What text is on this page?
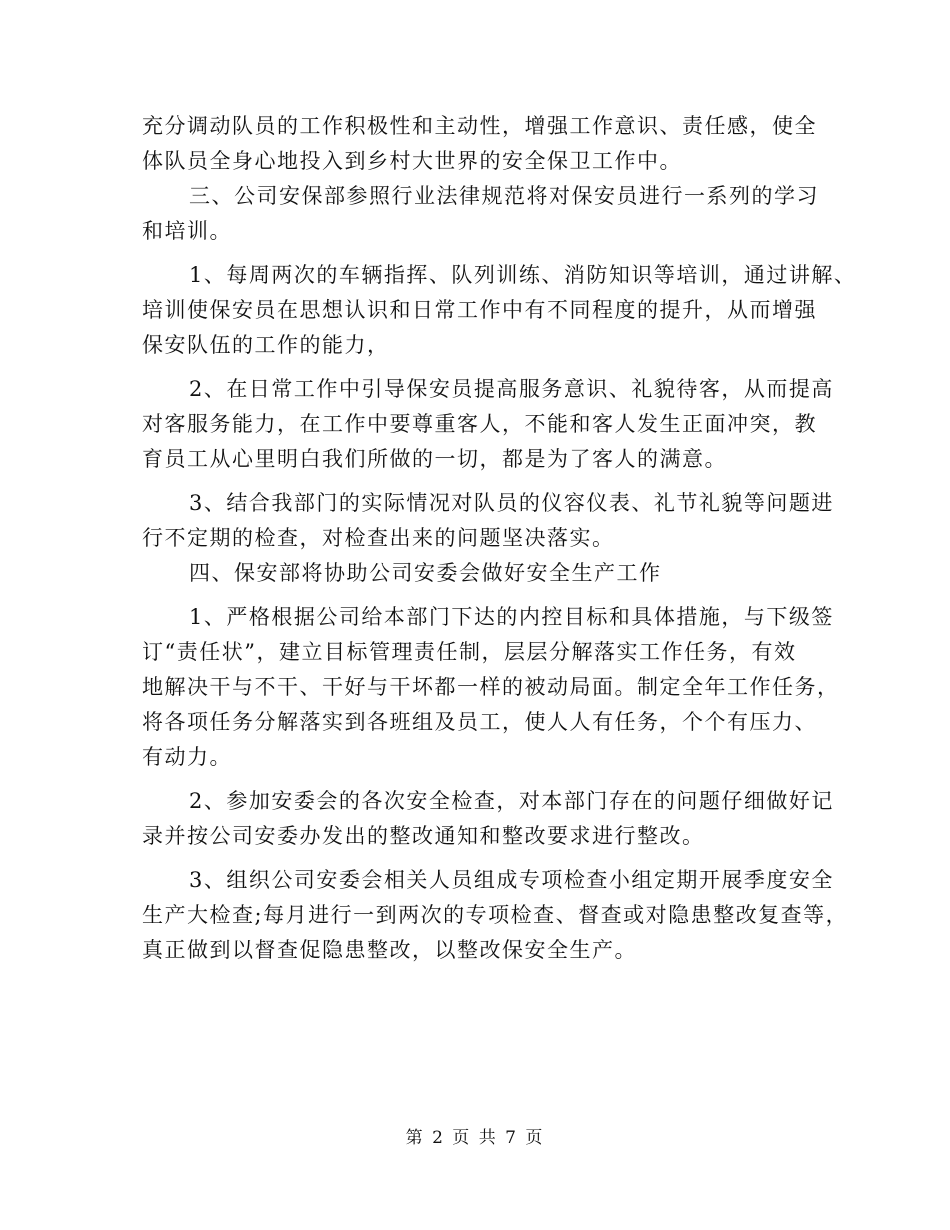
充分调动队员的工作积极性和主动性，增强工作意识、责任感，使全
体队员全身心地投入到乡村大世界的安全保卫工作中。
三、公司安保部参照行业法律规范将对保安员进行一系列的学习
和培训。
1、每周两次的车辆指挥、队列训练、消防知识等培训，通过讲解、
培训使保安员在思想认识和日常工作中有不同程度的提升，从而增强
保安队伍的工作的能力，
2、在日常工作中引导保安员提高服务意识、礼貌待客，从而提高
对客服务能力，在工作中要尊重客人，不能和客人发生正面冲突，教
育员工从心里明白我们所做的一切，都是为了客人的满意。
3、结合我部门的实际情况对队员的仪容仪表、礼节礼貌等问题进
行不定期的检查，对检查出来的问题坚决落实。
四、保安部将协助公司安委会做好安全生产工作
1、严格根据公司给本部门下达的内控目标和具体措施，与下级签
订“责任状”，建立目标管理责任制，层层分解落实工作任务，有效
地解决干与不干、干好与干坏都一样的被动局面。制定全年工作任务，
将各项任务分解落实到各班组及员工，使人人有任务，个个有压力、
有动力。
2、参加安委会的各次安全检查，对本部门存在的问题仔细做好记
录并按公司安委办发出的整改通知和整改要求进行整改。
3、组织公司安委会相关人员组成专项检查小组定期开展季度安全
生产大检查;每月进行一到两次的专项检查、督查或对隐患整改复查等，
真正做到以督查促隐患整改，以整改保安全生产。
第 2 页 共 7 页
